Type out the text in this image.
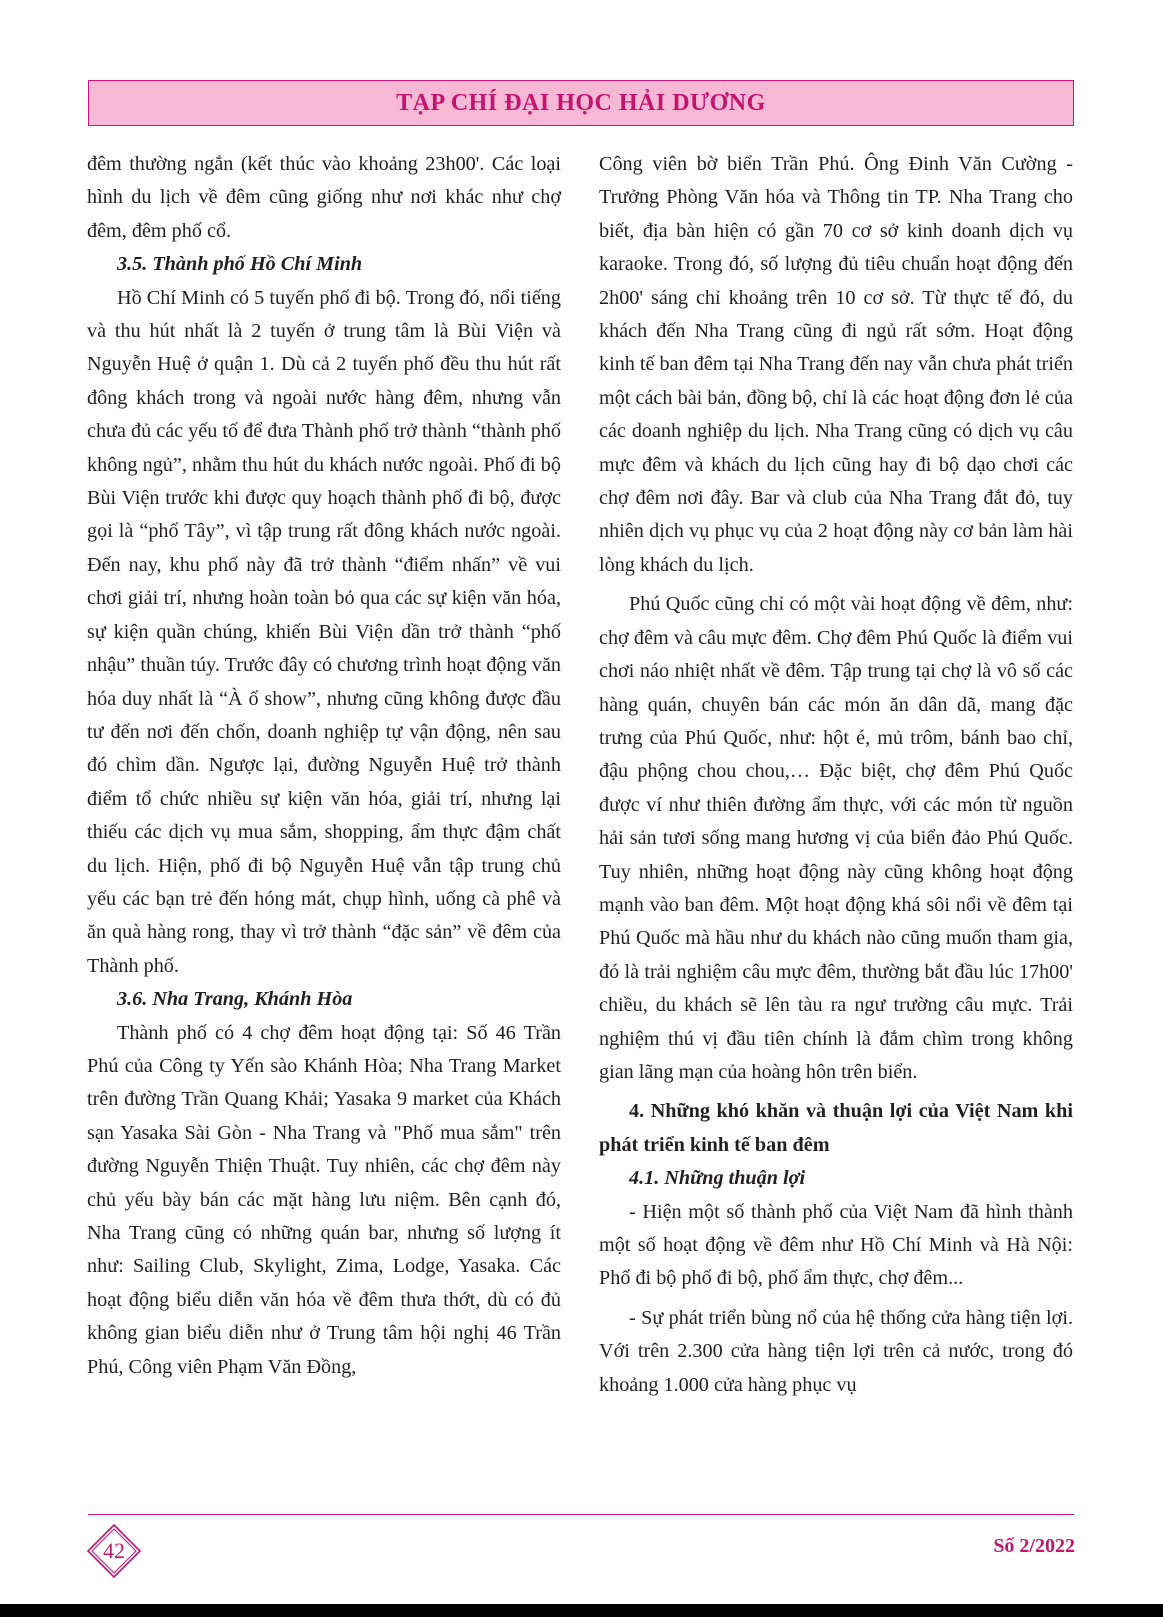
TẠP CHÍ ĐẠI HỌC HẢI DƯƠNG

đêm thường ngắn (kết thúc vào khoảng 23h00'. Các loại hình du lịch về đêm cũng giống như nơi khác như chợ đêm, đêm phố cổ.

3.5. Thành phố Hồ Chí Minh

Hồ Chí Minh có 5 tuyến phố đi bộ. Trong đó, nổi tiếng và thu hút nhất là 2 tuyến ở trung tâm là Bùi Viện và Nguyễn Huệ ở quận 1. Dù cả 2 tuyến phố đều thu hút rất đông khách trong và ngoài nước hàng đêm, nhưng vẫn chưa đủ các yếu tố để đưa Thành phố trở thành “thành phố không ngủ”, nhằm thu hút du khách nước ngoài. Phố đi bộ Bùi Viện trước khi được quy hoạch thành phố đi bộ, được gọi là “phố Tây”, vì tập trung rất đông khách nước ngoài. Đến nay, khu phố này đã trở thành “điểm nhấn” về vui chơi giải trí, nhưng hoàn toàn bỏ qua các sự kiện văn hóa, sự kiện quần chúng, khiến Bùi Viện dần trở thành “phố nhậu” thuần túy. Trước đây có chương trình hoạt động văn hóa duy nhất là “À ố show”, nhưng cũng không được đầu tư đến nơi đến chốn, doanh nghiệp tự vận động, nên sau đó chìm dần. Ngược lại, đường Nguyễn Huệ trở thành điểm tổ chức nhiều sự kiện văn hóa, giải trí, nhưng lại thiếu các dịch vụ mua sắm, shopping, ẩm thực đậm chất du lịch. Hiện, phố đi bộ Nguyễn Huệ vẫn tập trung chủ yếu các bạn trẻ đến hóng mát, chụp hình, uống cà phê và ăn quà hàng rong, thay vì trở thành “đặc sản” về đêm của Thành phố.

3.6. Nha Trang, Khánh Hòa

Thành phố có 4 chợ đêm hoạt động tại: Số 46 Trần Phú của Công ty Yến sào Khánh Hòa; Nha Trang Market trên đường Trần Quang Khải; Yasaka 9 market của Khách sạn Yasaka Sài Gòn - Nha Trang và "Phố mua sắm" trên đường Nguyễn Thiện Thuật. Tuy nhiên, các chợ đêm này chủ yếu bày bán các mặt hàng lưu niệm. Bên cạnh đó, Nha Trang cũng có những quán bar, nhưng số lượng ít như: Sailing Club, Skylight, Zima, Lodge, Yasaka. Các hoạt động biểu diễn văn hóa về đêm thưa thớt, dù có đủ không gian biểu diễn như ở Trung tâm hội nghị 46 Trần Phú, Công viên Phạm Văn Đồng,

Công viên bờ biển Trần Phú. Ông Đinh Văn Cường - Trưởng Phòng Văn hóa và Thông tin TP. Nha Trang cho biết, địa bàn hiện có gần 70 cơ sở kinh doanh dịch vụ karaoke. Trong đó, số lượng đủ tiêu chuẩn hoạt động đến 2h00' sáng chỉ khoảng trên 10 cơ sở. Từ thực tế đó, du khách đến Nha Trang cũng đi ngủ rất sớm. Hoạt động kinh tế ban đêm tại Nha Trang đến nay vẫn chưa phát triển một cách bài bản, đồng bộ, chỉ là các hoạt động đơn lẻ của các doanh nghiệp du lịch. Nha Trang cũng có dịch vụ câu mực đêm và khách du lịch cũng hay đi bộ dạo chơi các chợ đêm nơi đây. Bar và club của Nha Trang đắt đỏ, tuy nhiên dịch vụ phục vụ của 2 hoạt động này cơ bản làm hài lòng khách du lịch.

Phú Quốc cũng chỉ có một vài hoạt động về đêm, như: chợ đêm và câu mực đêm. Chợ đêm Phú Quốc là điểm vui chơi náo nhiệt nhất về đêm. Tập trung tại chợ là vô số các hàng quán, chuyên bán các món ăn dân dã, mang đặc trưng của Phú Quốc, như: hột é, mủ trôm, bánh bao chỉ, đậu phộng chou chou,… Đặc biệt, chợ đêm Phú Quốc được ví như thiên đường ẩm thực, với các món từ nguồn hải sản tươi sống mang hương vị của biển đảo Phú Quốc. Tuy nhiên, những hoạt động này cũng không hoạt động mạnh vào ban đêm. Một hoạt động khá sôi nổi về đêm tại Phú Quốc mà hầu như du khách nào cũng muốn tham gia, đó là trải nghiệm câu mực đêm, thường bắt đầu lúc 17h00' chiều, du khách sẽ lên tàu ra ngư trường câu mực. Trải nghiệm thú vị đầu tiên chính là đắm chìm trong không gian lãng mạn của hoàng hôn trên biển.

4. Những khó khăn và thuận lợi của Việt Nam khi phát triển kinh tế ban đêm

4.1. Những thuận lợi

- Hiện một số thành phố của Việt Nam đã hình thành một số hoạt động về đêm như Hồ Chí Minh và Hà Nội: Phố đi bộ phố đi bộ, phố ẩm thực, chợ đêm...

- Sự phát triển bùng nổ của hệ thống cửa hàng tiện lợi. Với trên 2.300 cửa hàng tiện lợi trên cả nước, trong đó khoảng 1.000 cửa hàng phục vụ

42	Số 2/2022
